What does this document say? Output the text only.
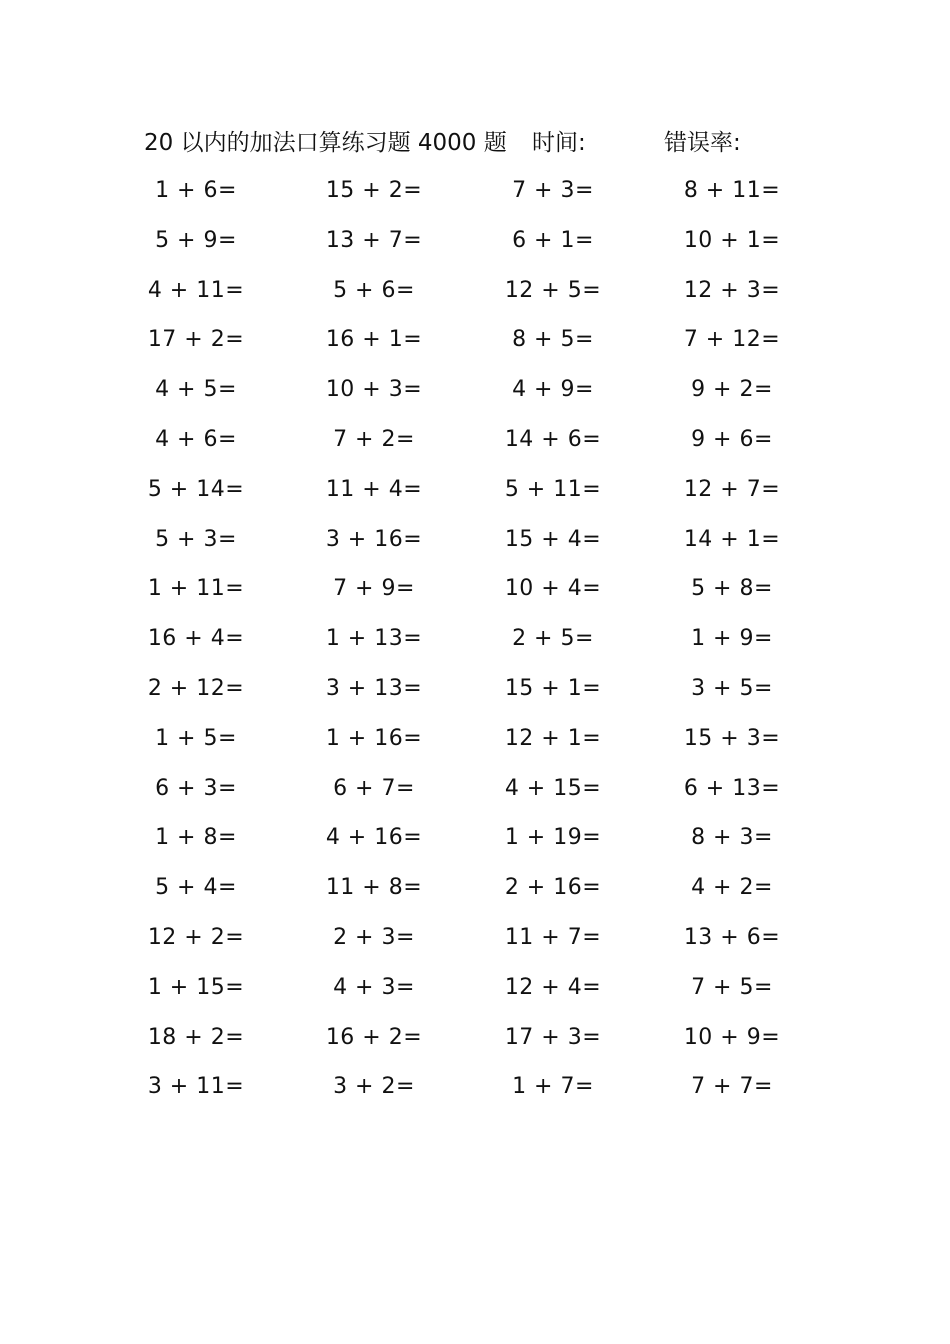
20 以内的加法口算练习题 4000 题 时间:	错误率:
1 + 6=	15 + 2=	7 + 3=	8 + 11=
5 + 9=	13 + 7=	6 + 1=	10 + 1=
4 + 11=	5 + 6=	12 + 5=	12 + 3=
17 + 2=	16 + 1=	8 + 5=	7 + 12=
4 + 5=	10 + 3=	4 + 9=	9 + 2=
4 + 6=	7 + 2=	14 + 6=	9 + 6=
5 + 14=	11 + 4=	5 + 11=	12 + 7=
5 + 3=	3 + 16=	15 + 4=	14 + 1=
1 + 11=	7 + 9=	10 + 4=	5 + 8=
16 + 4=	1 + 13=	2 + 5=	1 + 9=
2 + 12=	3 + 13=	15 + 1=	3 + 5=
1 + 5=	1 + 16=	12 + 1=	15 + 3=
6 + 3=	6 + 7=	4 + 15=	6 + 13=
1 + 8=	4 + 16=	1 + 19=	8 + 3=
5 + 4=	11 + 8=	2 + 16=	4 + 2=
12 + 2=	2 + 3=	11 + 7=	13 + 6=
1 + 15=	4 + 3=	12 + 4=	7 + 5=
18 + 2=	16 + 2=	17 + 3=	10 + 9=
3 + 11=	3 + 2=	1 + 7=	7 + 7=
